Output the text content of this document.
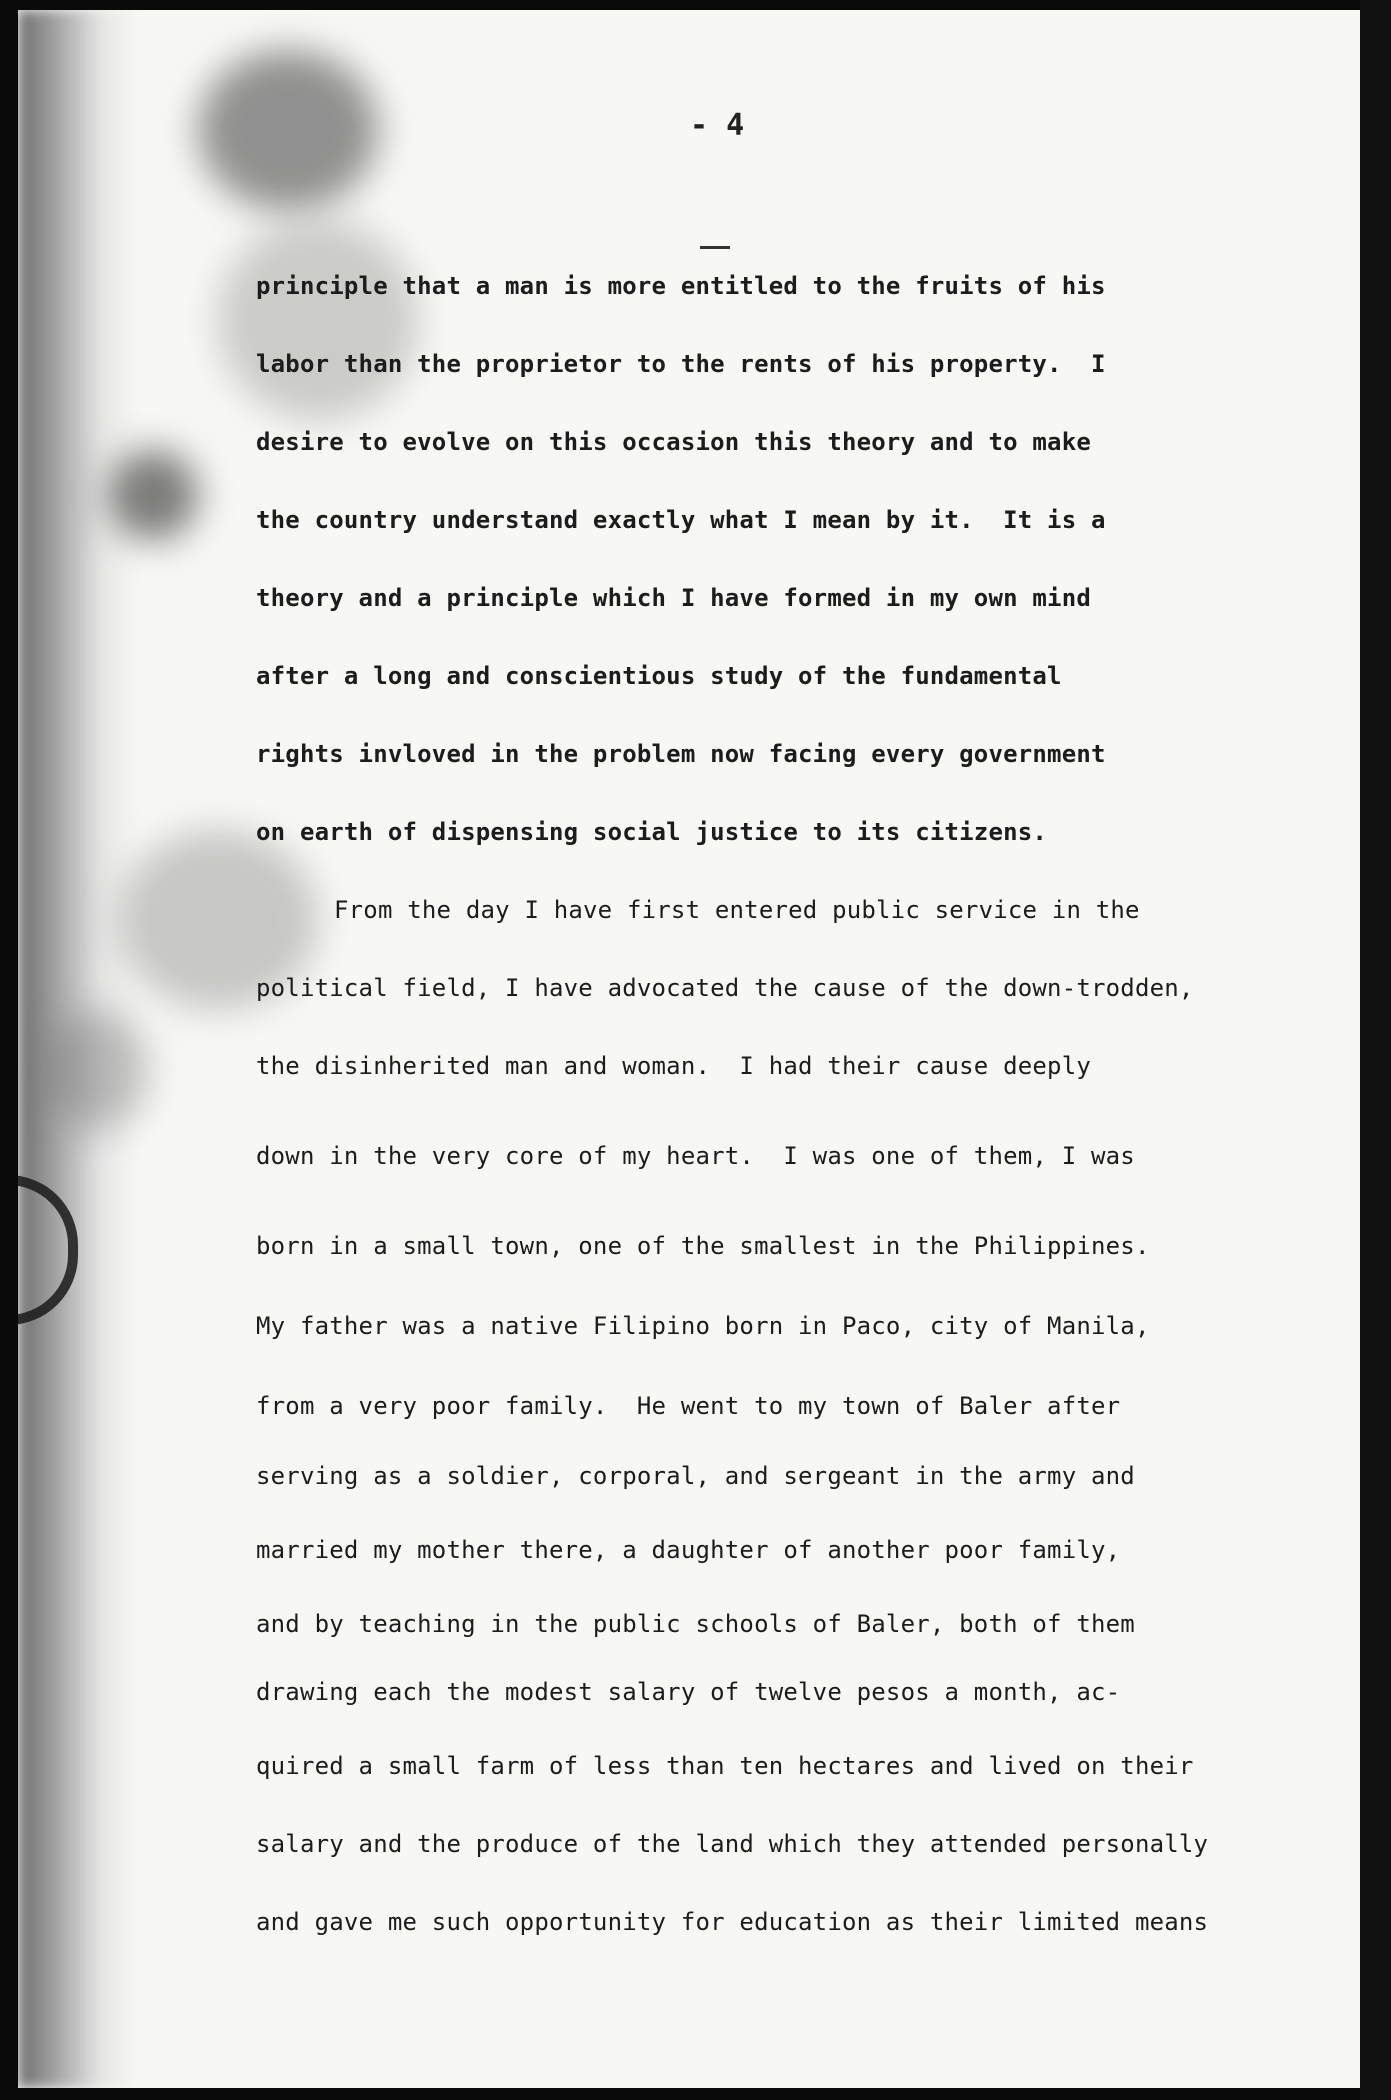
- 4
principle that a man is more entitled to the fruits of his
labor than the proprietor to the rents of his property.  I
desire to evolve on this occasion this theory and to make
the country understand exactly what I mean by it.  It is a
theory and a principle which I have formed in my own mind
after a long and conscientious study of the fundamental
rights invloved in the problem now facing every government
on earth of dispensing social justice to its citizens.
From the day I have first entered public service in the
political field, I have advocated the cause of the down-trodden,
the disinherited man and woman.  I had their cause deeply
down in the very core of my heart.  I was one of them, I was
born in a small town, one of the smallest in the Philippines.
My father was a native Filipino born in Paco, city of Manila,
from a very poor family.  He went to my town of Baler after
serving as a soldier, corporal, and sergeant in the army and
married my mother there, a daughter of another poor family,
and by teaching in the public schools of Baler, both of them
drawing each the modest salary of twelve pesos a month, ac-
quired a small farm of less than ten hectares and lived on their
salary and the produce of the land which they attended personally
and gave me such opportunity for education as their limited means
